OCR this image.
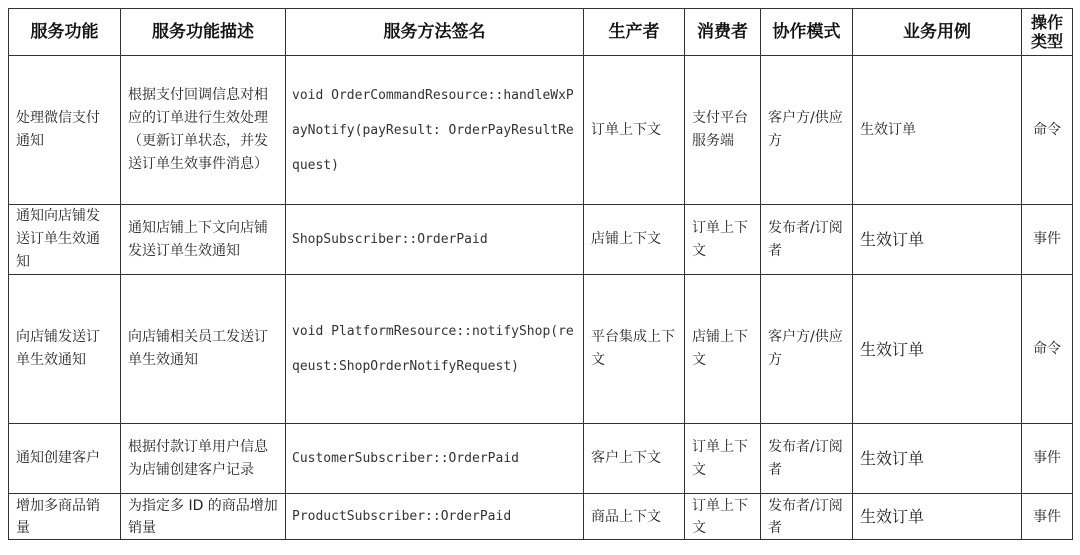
服务功能	服务功能描述	服务方法签名	生产者	消费者	协作模式	业务用例	操作类型
处理微信支付通知	根据支付回调信息对相应的订单进行生效处理（更新订单状态，并发送订单生效事件消息）	void OrderCommandResource::handleWxPayNotify(payResult: OrderPayResultRequest)	订单上下文	支付平台服务端	客户方/供应方	生效订单	命令
通知向店铺发送订单生效通知	通知店铺上下文向店铺发送订单生效通知	ShopSubscriber::OrderPaid	店铺上下文	订单上下文	发布者/订阅者	生效订单	事件
向店铺发送订单生效通知	向店铺相关员工发送订单生效通知	void PlatformResource::notifyShop(reqeust:ShopOrderNotifyRequest)	平台集成上下文	店铺上下文	客户方/供应方	生效订单	命令
通知创建客户	根据付款订单用户信息为店铺创建客户记录	CustomerSubscriber::OrderPaid	客户上下文	订单上下文	发布者/订阅者	生效订单	事件
增加多商品销量	为指定多 ID 的商品增加销量	ProductSubscriber::OrderPaid	商品上下文	订单上下文	发布者/订阅者	生效订单	事件
